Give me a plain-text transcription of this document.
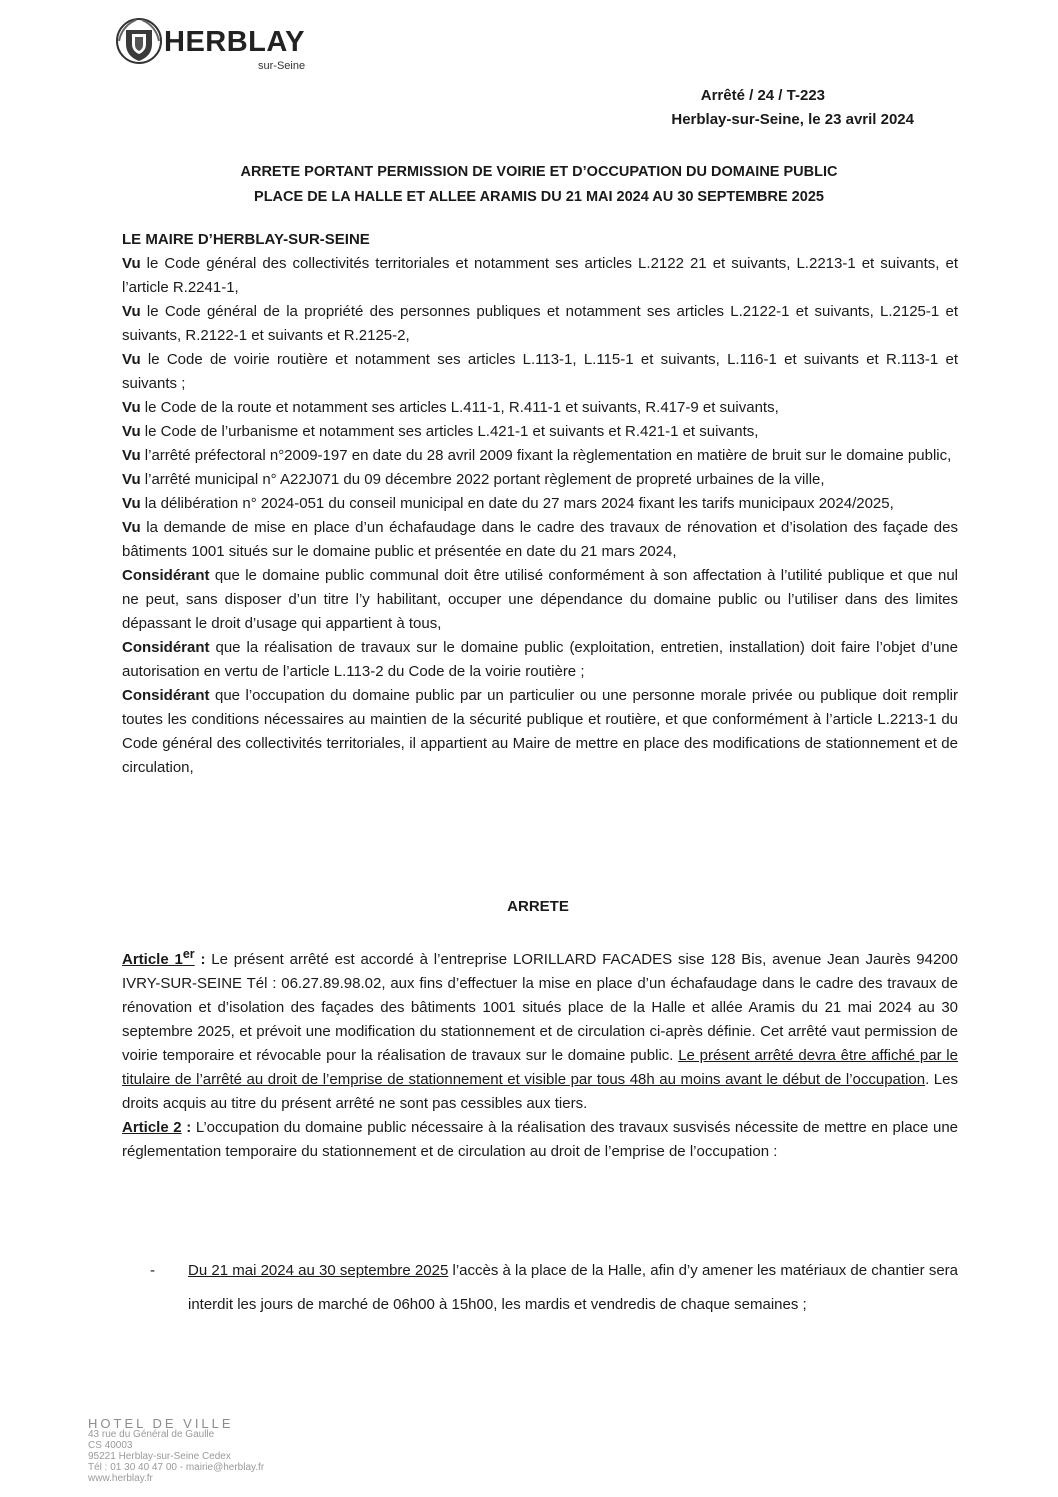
HERBLAY
sur-Seine
Arrêté / 24 / T-223
Herblay-sur-Seine, le 23 avril 2024
ARRETE PORTANT PERMISSION DE VOIRIE ET D’OCCUPATION DU DOMAINE PUBLIC
PLACE DE LA HALLE ET ALLEE ARAMIS DU 21 MAI 2024 AU 30 SEPTEMBRE 2025

LE MAIRE D’HERBLAY-SUR-SEINE

Vu le Code général des collectivités territoriales et notamment ses articles L.2122 21 et suivants, L.2213-1 et suivants, et l’article R.2241-1,

Vu le Code général de la propriété des personnes publiques et notamment ses articles L.2122-1 et suivants, L.2125-1 et suivants, R.2122-1 et suivants et R.2125-2,

Vu le Code de voirie routière et notamment ses articles L.113-1, L.115-1 et suivants, L.116-1 et suivants et R.113-1 et suivants ;

Vu le Code de la route et notamment ses articles L.411-1, R.411-1 et suivants, R.417-9 et suivants,

Vu le Code de l’urbanisme et notamment ses articles L.421-1 et suivants et R.421-1 et suivants,

Vu l’arrêté préfectoral n°2009-197 en date du 28 avril 2009 fixant la règlementation en matière de bruit sur le domaine public,

Vu l’arrêté municipal n° A22J071 du 09 décembre 2022 portant règlement de propreté urbaines de la ville,

Vu la délibération n° 2024-051 du conseil municipal en date du 27 mars 2024 fixant les tarifs municipaux 2024/2025,

Vu la demande de mise en place d’un échafaudage dans le cadre des travaux de rénovation et d’isolation des façade des bâtiments 1001 situés sur le domaine public et présentée en date du 21 mars 2024,

Considérant que le domaine public communal doit être utilisé conformément à son affectation à l’utilité publique et que nul ne peut, sans disposer d’un titre l’y habilitant, occuper une dépendance du domaine public ou l’utiliser dans des limites dépassant le droit d’usage qui appartient à tous,

Considérant que la réalisation de travaux sur le domaine public (exploitation, entretien, installation) doit faire l’objet d’une autorisation en vertu de l’article L.113-2 du Code de la voirie routière ;

Considérant que l’occupation du domaine public par un particulier ou une personne morale privée ou publique doit remplir toutes les conditions nécessaires au maintien de la sécurité publique et routière, et que conformément à l’article L.2213-1 du Code général des collectivités territoriales, il appartient au Maire de mettre en place des modifications de stationnement et de circulation,

ARRETE

Article 1er : Le présent arrêté est accordé à l’entreprise LORILLARD FACADES sise 128 Bis, avenue Jean Jaurès 94200 IVRY-SUR-SEINE Tél : 06.27.89.98.02, aux fins d’effectuer la mise en place d’un échafaudage dans le cadre des travaux de rénovation et d’isolation des façades des bâtiments 1001 situés place de la Halle et allée Aramis du 21 mai 2024 au 30 septembre 2025, et prévoit une modification du stationnement et de circulation ci-après définie. Cet arrêté vaut permission de voirie temporaire et révocable pour la réalisation de travaux sur le domaine public. Le présent arrêté devra être affiché par le titulaire de l’arrêté au droit de l’emprise de stationnement et visible par tous 48h au moins avant le début de l’occupation. Les droits acquis au titre du présent arrêté ne sont pas cessibles aux tiers.

Article 2 : L’occupation du domaine public nécessaire à la réalisation des travaux susvisés nécessite de mettre en place une réglementation temporaire du stationnement et de circulation au droit de l’emprise de l’occupation :

-	Du 21 mai 2024 au 30 septembre 2025 l’accès à la place de la Halle, afin d’y amener les matériaux de chantier sera interdit les jours de marché de 06h00 à 15h00, les mardis et vendredis de chaque semaines ;
HOTEL DE VILLE
43 rue du Général de Gaulle
CS 40003
95221 Herblay-sur-Seine Cedex
Tél : 01 30 40 47 00 - mairie@herblay.fr
www.herblay.fr
